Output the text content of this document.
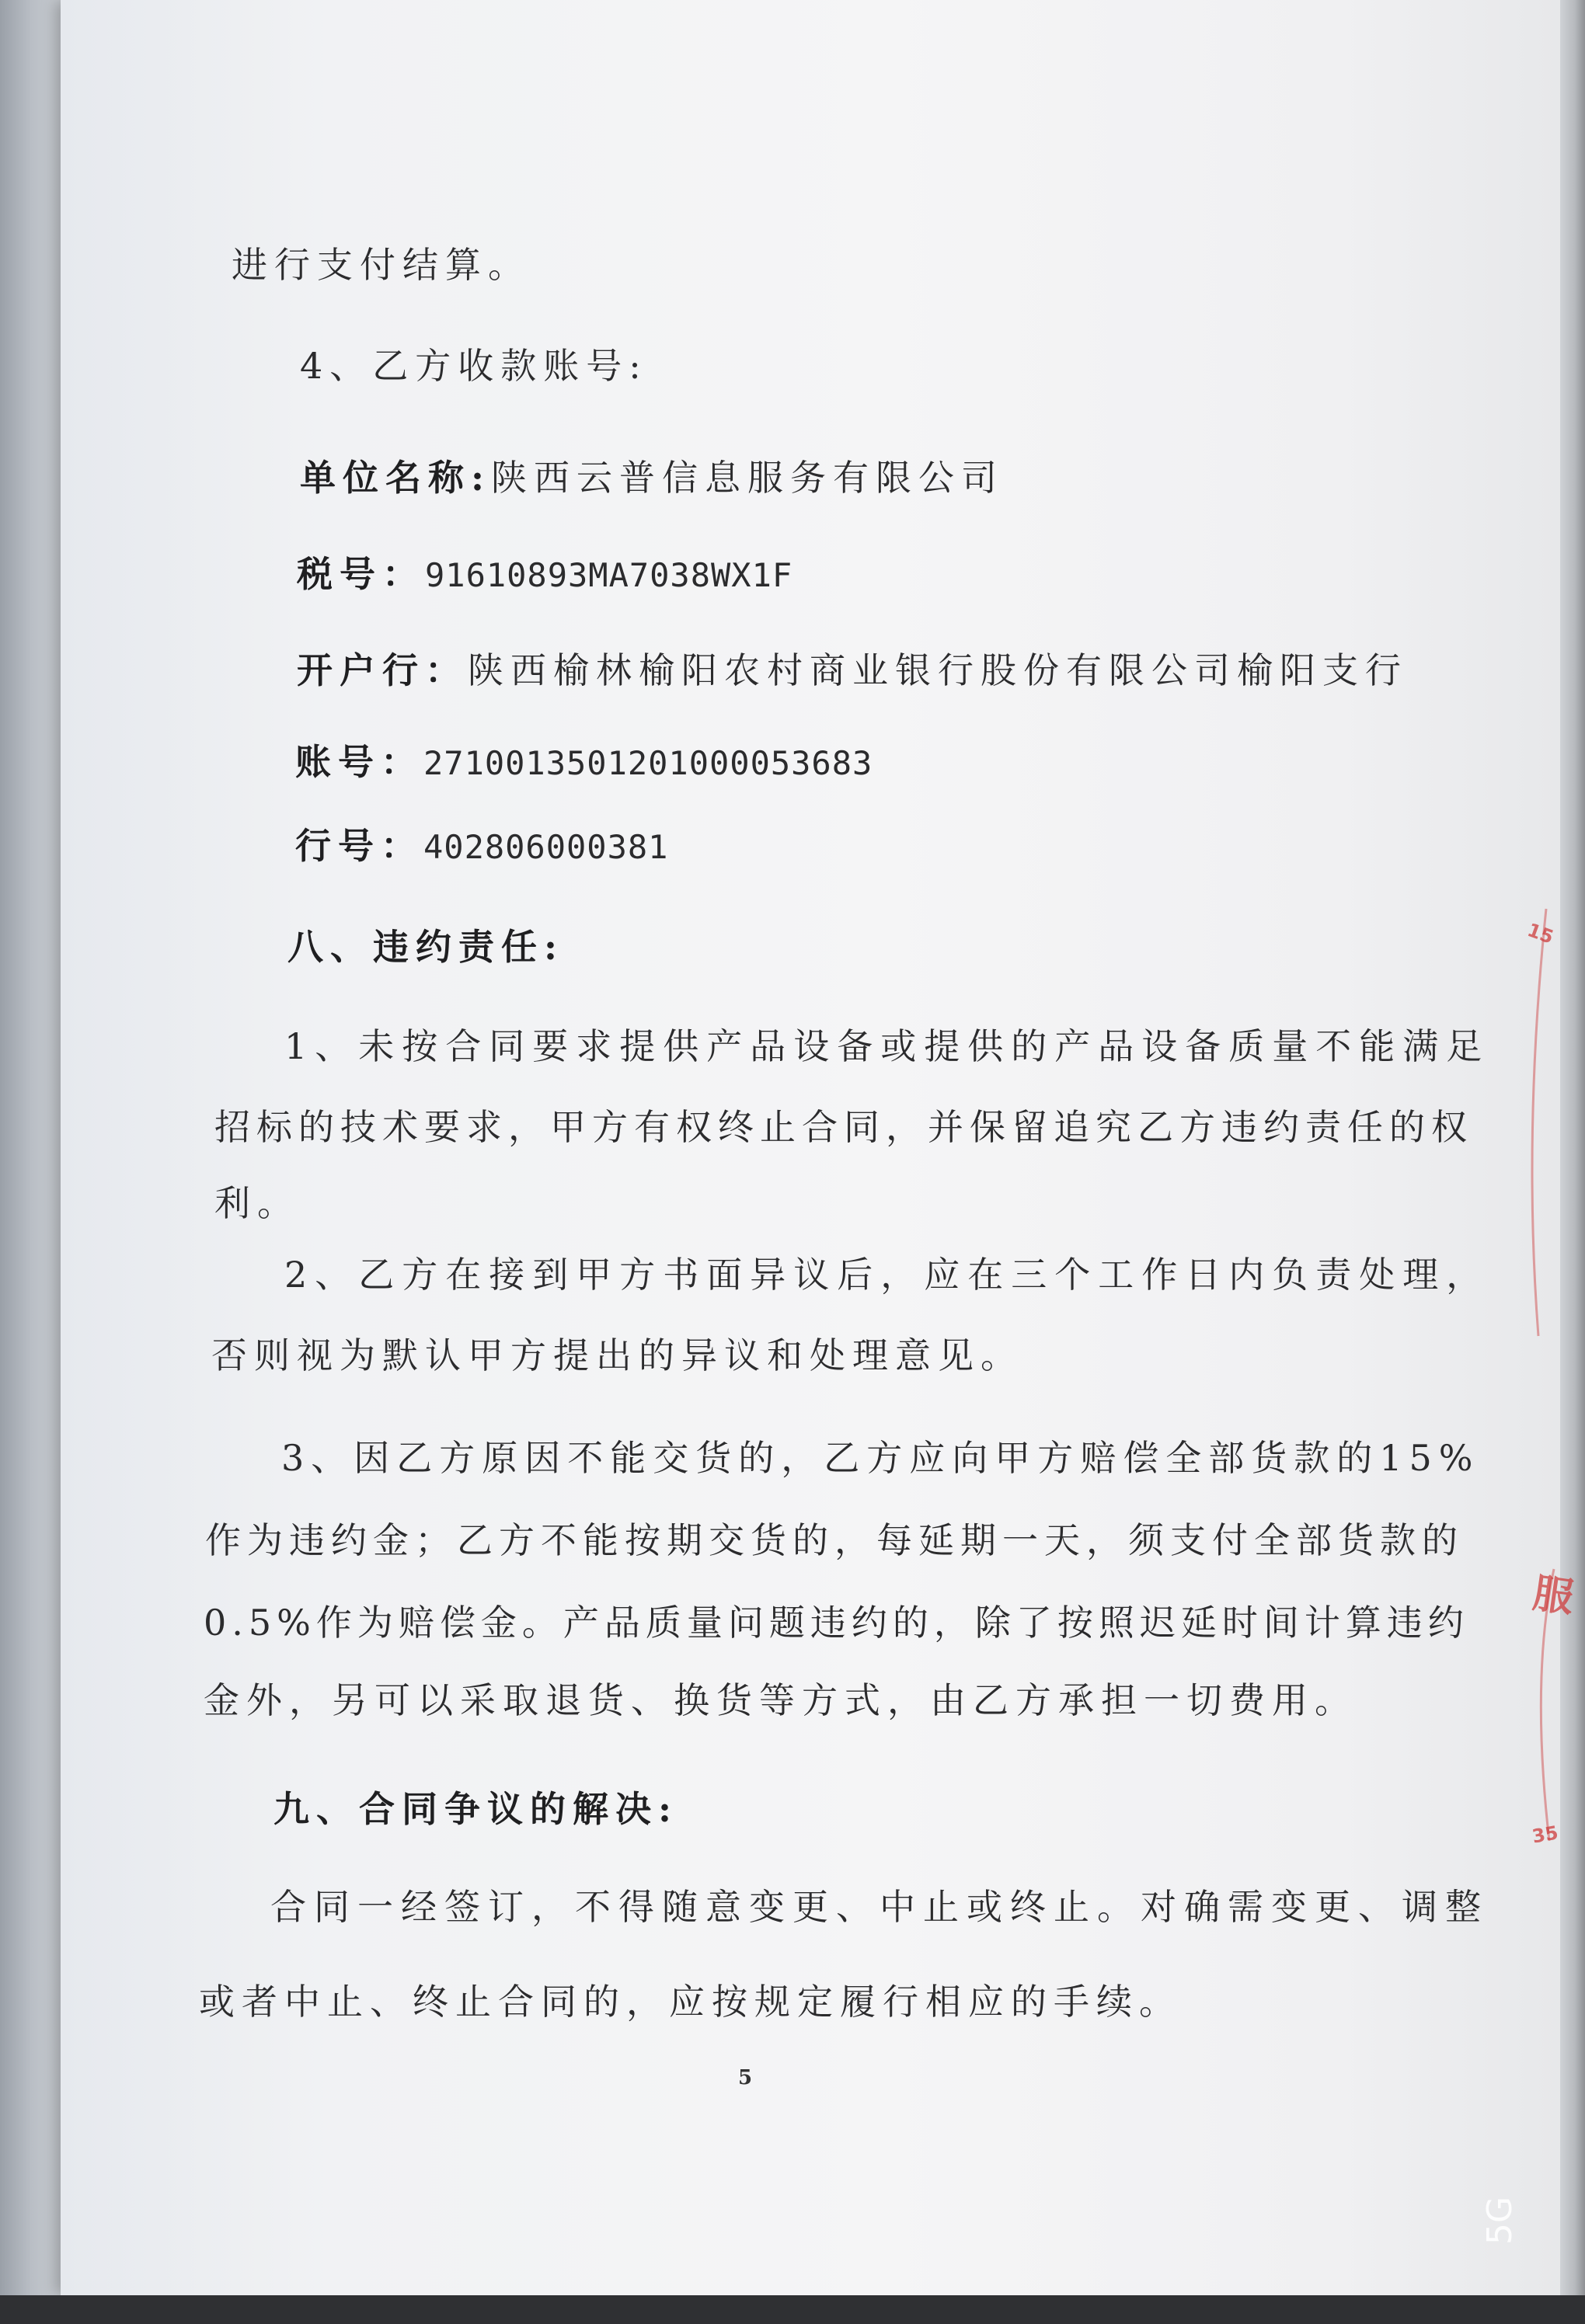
进行支付结算。
4、乙方收款账号:
单位名称:陕西云普信息服务有限公司
税号：91610893MA7038WX1F
开户行：陕西榆林榆阳农村商业银行股份有限公司榆阳支行
账号：2710013501201000053683
行号：402806000381
八、违约责任:
1、未按合同要求提供产品设备或提供的产品设备质量不能满足
招标的技术要求，甲方有权终止合同，并保留追究乙方违约责任的权
利。
2、乙方在接到甲方书面异议后，应在三个工作日内负责处理，
否则视为默认甲方提出的异议和处理意见。
3、因乙方原因不能交货的，乙方应向甲方赔偿全部货款的15%
作为违约金；乙方不能按期交货的，每延期一天，须支付全部货款的
0.5%作为赔偿金。产品质量问题违约的，除了按照迟延时间计算违约
金外，另可以采取退货、换货等方式，由乙方承担一切费用。
九、合同争议的解决:
合同一经签订，不得随意变更、中止或终止。对确需变更、调整
或者中止、终止合同的，应按规定履行相应的手续。
5
15
服
35
5G
